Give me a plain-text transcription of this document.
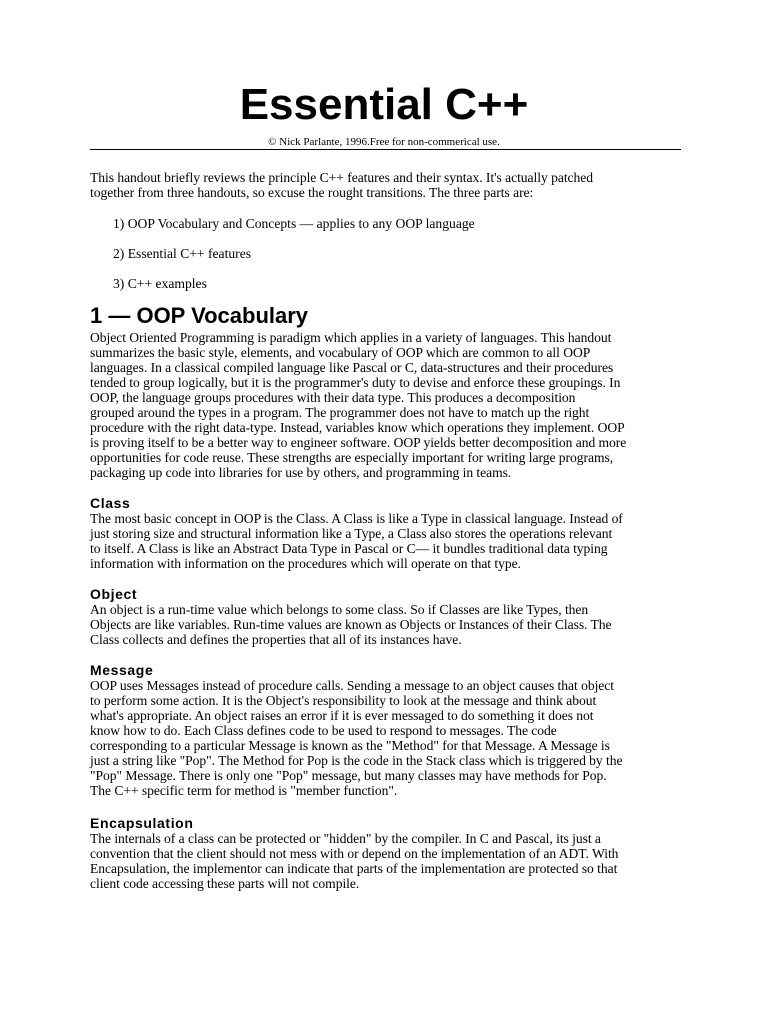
Essential C++
© Nick Parlante, 1996.Free for non-commerical use.
This handout briefly reviews the principle C++ features and their syntax. It's actually patched
together from three handouts, so excuse the rought transitions. The three parts are:
1) OOP Vocabulary and Concepts — applies to any OOP language
2) Essential C++ features
3) C++ examples
1 — OOP Vocabulary
Object Oriented Programming is paradigm which applies in a variety of languages. This handout
summarizes the basic style, elements, and vocabulary of OOP which are common to all OOP
languages. In a classical compiled language like Pascal or C, data-structures and their procedures
tended to group logically, but it is the programmer's duty to devise and enforce these groupings. In
OOP, the language groups procedures with their data type. This produces a decomposition
grouped around the types in a program. The programmer does not have to match up the right
procedure with the right data-type. Instead, variables know which operations they implement. OOP
is proving itself to be a better way to engineer software. OOP yields better decomposition and more
opportunities for code reuse. These strengths are especially important for writing large programs,
packaging up code into libraries for use by others, and programming in teams.
Class
The most basic concept in OOP is the Class. A Class is like a Type in classical language. Instead of
just storing size and structural information like a Type, a Class also stores the operations relevant
to itself. A Class is like an Abstract Data Type in Pascal or C— it bundles traditional data typing
information with information on the procedures which will operate on that type.
Object
An object is a run-time value which belongs to some class. So if Classes are like Types, then
Objects are like variables. Run-time values are known as Objects or Instances of their Class. The
Class collects and defines the properties that all of its instances have.
Message
OOP uses Messages instead of procedure calls. Sending a message to an object causes that object
to perform some action. It is the Object's responsibility to look at the message and think about
what's appropriate. An object raises an error if it is ever messaged to do something it does not
know how to do. Each Class defines code to be used to respond to messages. The code
corresponding to a particular Message is known as the "Method" for that Message. A Message is
just a string like "Pop". The Method for Pop is the code in the Stack class which is triggered by the
"Pop" Message. There is only one "Pop" message, but many classes may have methods for Pop.
The C++ specific term for method is "member function".
Encapsulation
The internals of a class can be protected or "hidden" by the compiler. In C and Pascal, its just a
convention that the client should not mess with or depend on the implementation of an ADT. With
Encapsulation, the implementor can indicate that parts of the implementation are protected so that
client code accessing these parts will not compile.
